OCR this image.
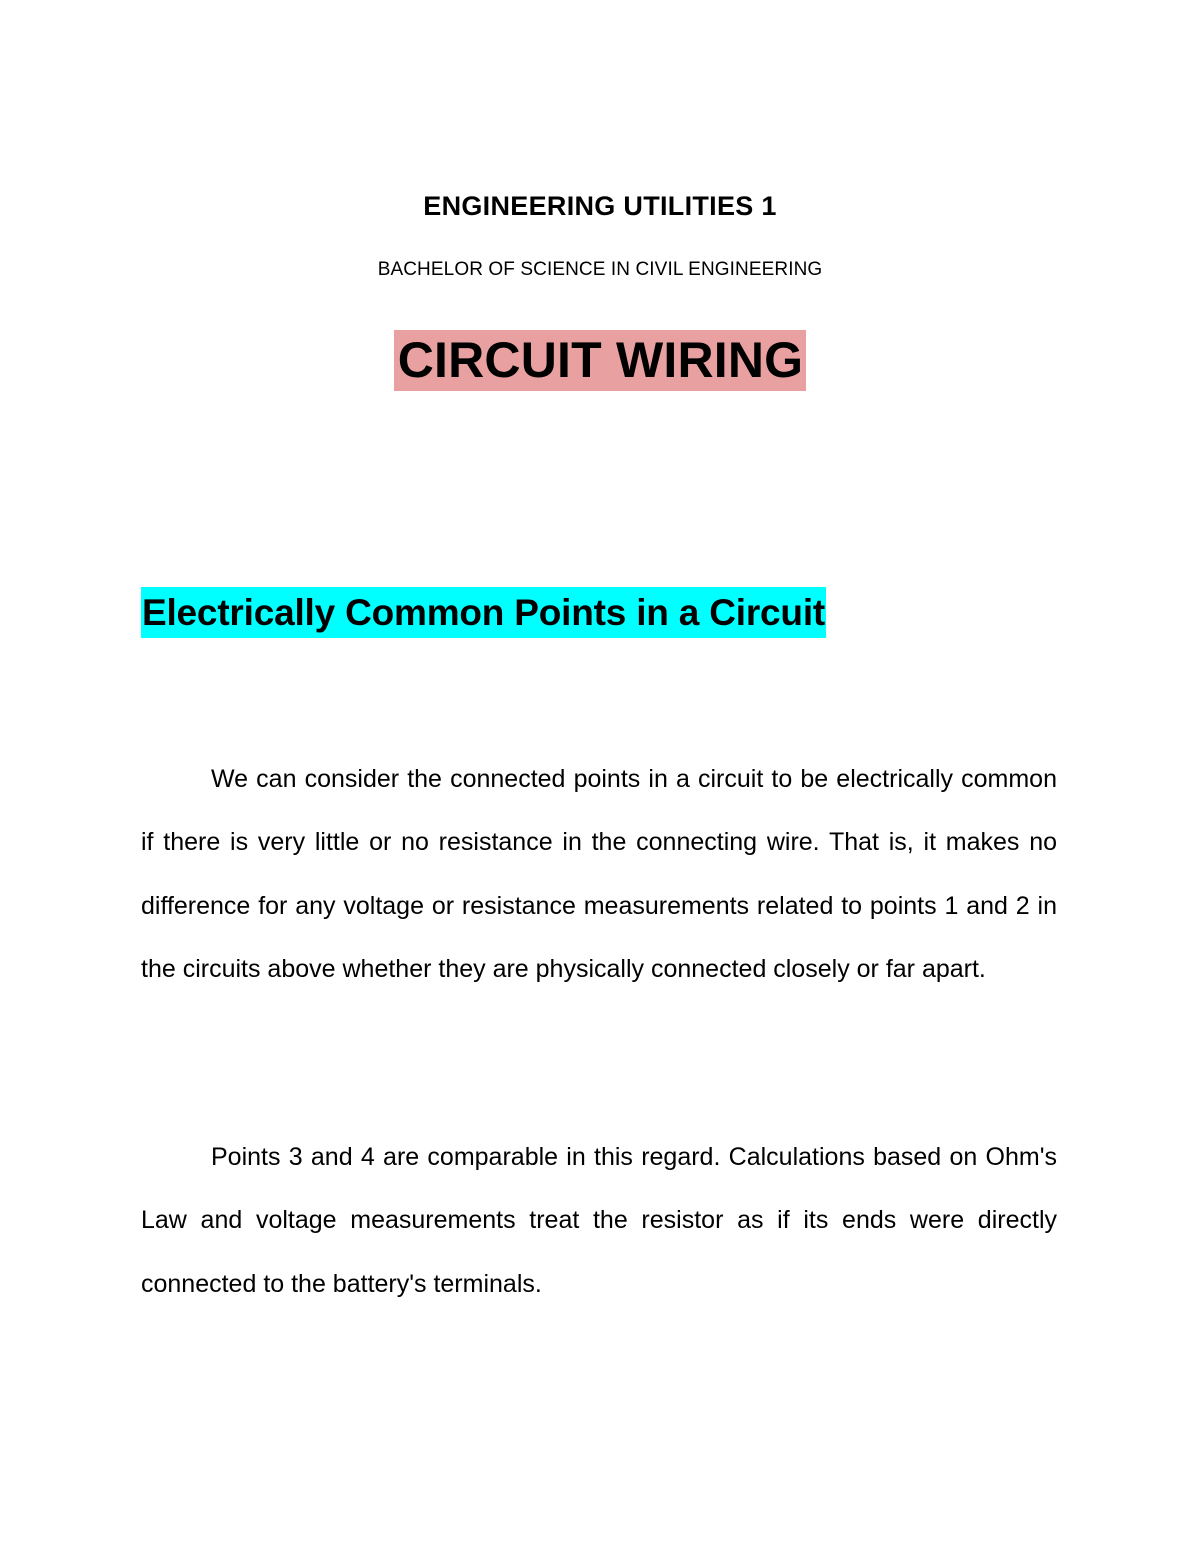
ENGINEERING UTILITIES 1
BACHELOR OF SCIENCE IN CIVIL ENGINEERING
CIRCUIT WIRING
Electrically Common Points in a Circuit

We can consider the connected points in a circuit to be electrically common if there is very little or no resistance in the connecting wire. That is, it makes no difference for any voltage or resistance measurements related to points 1 and 2 in the circuits above whether they are physically connected closely or far apart.

Points 3 and 4 are comparable in this regard. Calculations based on Ohm's Law and voltage measurements treat the resistor as if its ends were directly connected to the battery's terminals.
